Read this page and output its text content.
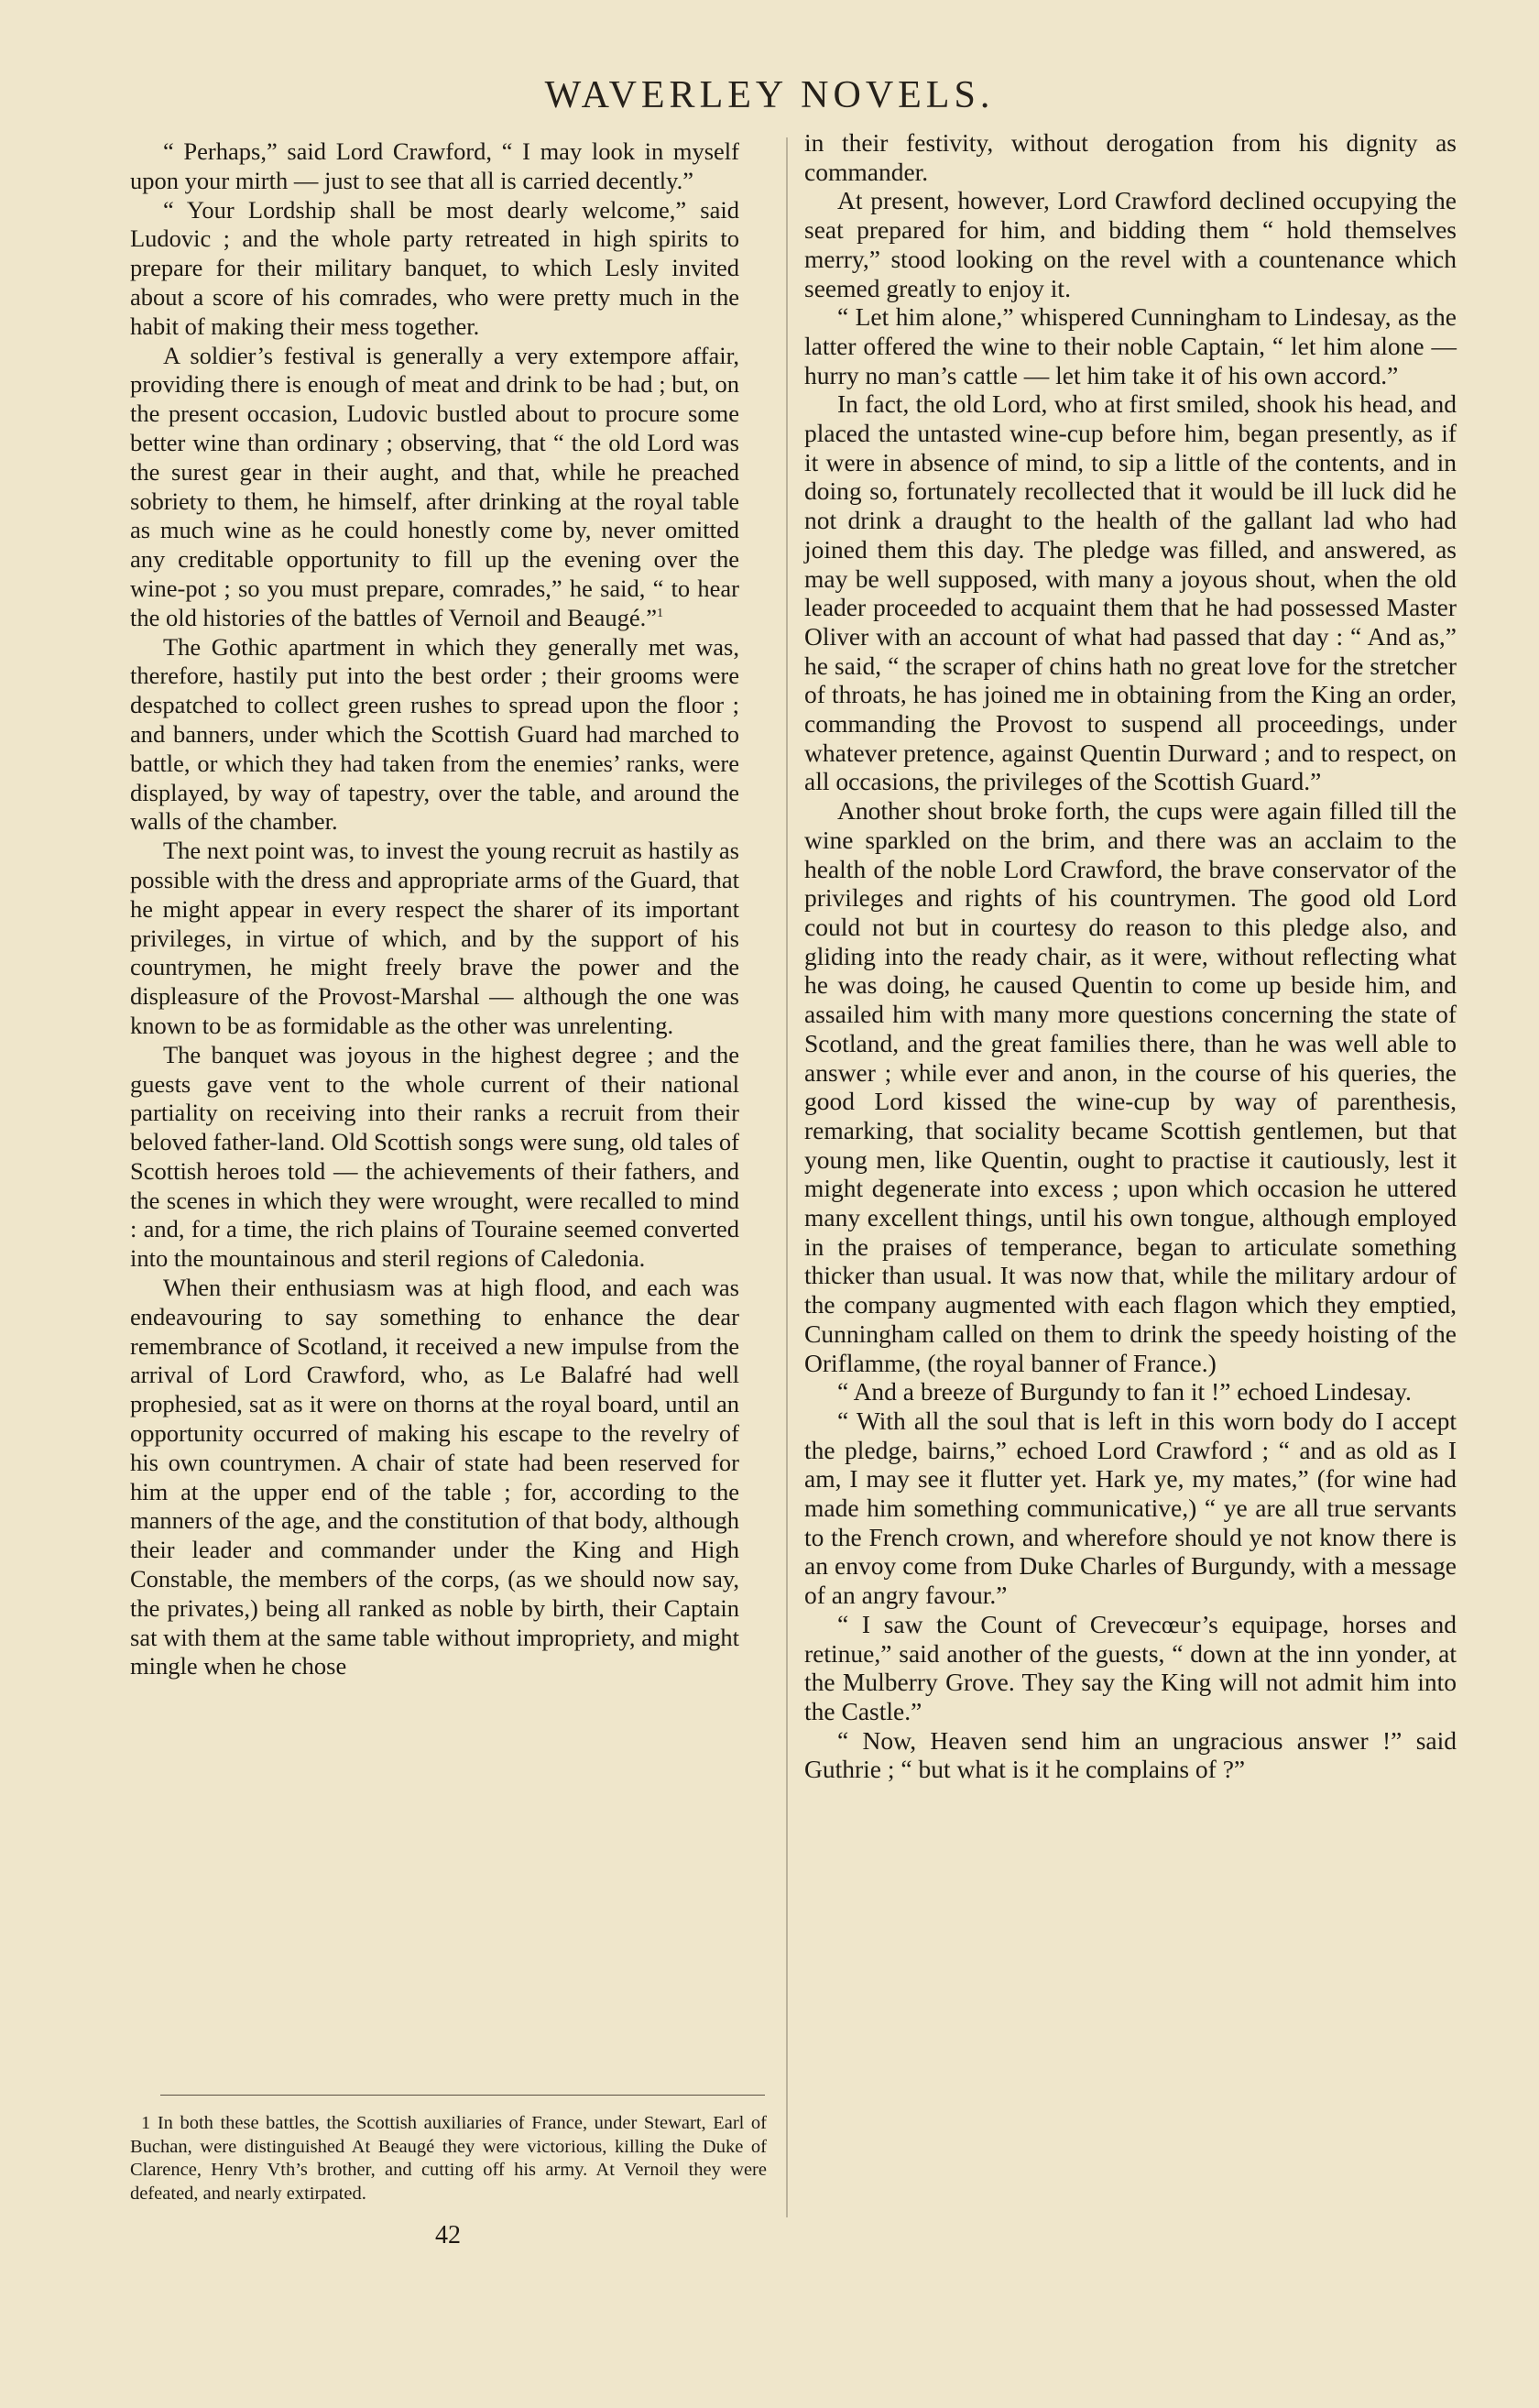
WAVERLEY NOVELS.

“ Perhaps,” said Lord Crawford, “ I may look in myself upon your mirth — just to see that all is carried decently.”

“ Your Lordship shall be most dearly welcome,” said Ludovic ; and the whole party retreated in high spirits to prepare for their military banquet, to which Lesly invited about a score of his comrades, who were pretty much in the habit of making their mess together.

A soldier’s festival is generally a very extempore affair, providing there is enough of meat and drink to be had ; but, on the present occasion, Ludovic bustled about to procure some better wine than ordinary ; observing, that “ the old Lord was the surest gear in their aught, and that, while he preached sobriety to them, he himself, after drinking at the royal table as much wine as he could honestly come by, never omitted any creditable opportunity to fill up the evening over the wine-pot ; so you must prepare, comrades,” he said, “ to hear the old histories of the battles of Vernoil and Beaugé.”$^1$

The Gothic apartment in which they generally met was, therefore, hastily put into the best order ; their grooms were despatched to collect green rushes to spread upon the floor ; and banners, under which the Scottish Guard had marched to battle, or which they had taken from the enemies’ ranks, were displayed, by way of tapestry, over the table, and around the walls of the chamber.

The next point was, to invest the young recruit as hastily as possible with the dress and appropriate arms of the Guard, that he might appear in every respect the sharer of its important privileges, in virtue of which, and by the support of his countrymen, he might freely brave the power and the displeasure of the Provost-Marshal — although the one was known to be as formidable as the other was unrelenting.

The banquet was joyous in the highest degree ; and the guests gave vent to the whole current of their national partiality on receiving into their ranks a recruit from their beloved father-land. Old Scottish songs were sung, old tales of Scottish heroes told — the achievements of their fathers, and the scenes in which they were wrought, were recalled to mind : and, for a time, the rich plains of Touraine seemed converted into the mountainous and steril regions of Caledonia.

When their enthusiasm was at high flood, and each was endeavouring to say something to enhance the dear remembrance of Scotland, it received a new impulse from the arrival of Lord Crawford, who, as Le Balafré had well prophesied, sat as it were on thorns at the royal board, until an opportunity occurred of making his escape to the revelry of his own countrymen. A chair of state had been reserved for him at the upper end of the table ; for, according to the manners of the age, and the constitution of that body, although their leader and commander under the King and High Constable, the members of the corps, (as we should now say, the privates,) being all ranked as noble by birth, their Captain sat with them at the same table without impropriety, and might mingle when he chose

in their festivity, without derogation from his dignity as commander.

At present, however, Lord Crawford declined occupying the seat prepared for him, and bidding them “ hold themselves merry,” stood looking on the revel with a countenance which seemed greatly to enjoy it.

“ Let him alone,” whispered Cunningham to Lindesay, as the latter offered the wine to their noble Captain, “ let him alone — hurry no man’s cattle — let him take it of his own accord.”

In fact, the old Lord, who at first smiled, shook his head, and placed the untasted wine-cup before him, began presently, as if it were in absence of mind, to sip a little of the contents, and in doing so, fortunately recollected that it would be ill luck did he not drink a draught to the health of the gallant lad who had joined them this day. The pledge was filled, and answered, as may be well supposed, with many a joyous shout, when the old leader proceeded to acquaint them that he had possessed Master Oliver with an account of what had passed that day : “ And as,” he said, “ the scraper of chins hath no great love for the stretcher of throats, he has joined me in obtaining from the King an order, commanding the Provost to suspend all proceedings, under whatever pretence, against Quentin Durward ; and to respect, on all occasions, the privileges of the Scottish Guard.”

Another shout broke forth, the cups were again filled till the wine sparkled on the brim, and there was an acclaim to the health of the noble Lord Crawford, the brave conservator of the privileges and rights of his countrymen. The good old Lord could not but in courtesy do reason to this pledge also, and gliding into the ready chair, as it were, without reflecting what he was doing, he caused Quentin to come up beside him, and assailed him with many more questions concerning the state of Scotland, and the great families there, than he was well able to answer ; while ever and anon, in the course of his queries, the good Lord kissed the wine-cup by way of parenthesis, remarking, that sociality became Scottish gentlemen, but that young men, like Quentin, ought to practise it cautiously, lest it might degenerate into excess ; upon which occasion he uttered many excellent things, until his own tongue, although employed in the praises of temperance, began to articulate something thicker than usual. It was now that, while the military ardour of the company augmented with each flagon which they emptied, Cunningham called on them to drink the speedy hoisting of the Oriflamme, (the royal banner of France.)

“ And a breeze of Burgundy to fan it !” echoed Lindesay.

“ With all the soul that is left in this worn body do I accept the pledge, bairns,” echoed Lord Crawford ; “ and as old as I am, I may see it flutter yet. Hark ye, my mates,” (for wine had made him something communicative,) “ ye are all true servants to the French crown, and wherefore should ye not know there is an envoy come from Duke Charles of Burgundy, with a message of an angry favour.”

“ I saw the Count of Crevecœur’s equipage, horses and retinue,” said another of the guests, “ down at the inn yonder, at the Mulberry Grove. They say the King will not admit him into the Castle.”

“ Now, Heaven send him an ungracious answer !” said Guthrie ; “ but what is it he complains of ?”

1 In both these battles, the Scottish auxiliaries of France, under Stewart, Earl of Buchan, were distinguished At Beaugé they were victorious, killing the Duke of Clarence, Henry Vth’s brother, and cutting off his army. At Vernoil they were defeated, and nearly extirpated.

42
